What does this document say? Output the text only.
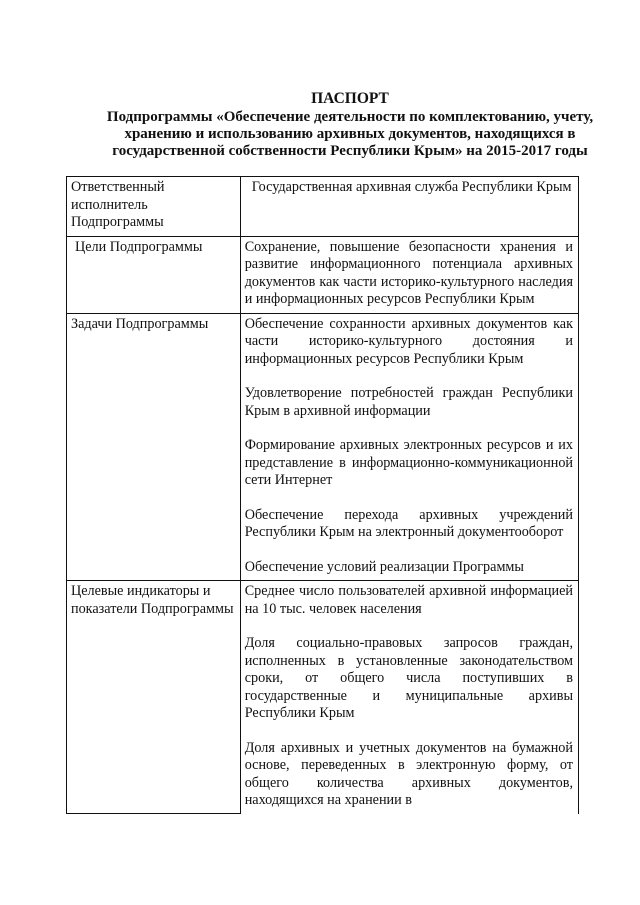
ПАСПОРТ
Подпрограммы «Обеспечение деятельности по комплектованию, учету,
хранению и использованию архивных документов, находящихся в
государственной собственности Республики Крым» на 2015-2017 годы
Ответственный исполнитель Подпрограммы	Государственная архивная служба Республики Крым

Цели Подпрограммы	Сохранение, повышение безопасности хранения и развитие информационного потенциала архивных документов как части историко-культурного наследия и информационных ресурсов Республики Крым

Задачи Подпрограммы	Обеспечение сохранности архивных документов как части историко-культурного достояния и информационных ресурсов Республики Крым

Удовлетворение потребностей граждан Республики Крым в архивной информации

Формирование архивных электронных ресурсов и их представление в информационно-коммуникационной сети Интернет

Обеспечение перехода архивных учреждений Республики Крым на электронный документооборот

Обеспечение условий реализации Программы

Целевые индикаторы и показатели Подпрограммы	Среднее число пользователей архивной информацией на 10 тыс. человек населения

Доля социально-правовых запросов граждан, исполненных в установленные законодательством сроки, от общего числа поступивших в государственные и муниципальные архивы Республики Крым

Доля архивных и учетных документов на бумажной основе, переведенных в электронную форму, от общего количества архивных документов, находящихся на хранении в
